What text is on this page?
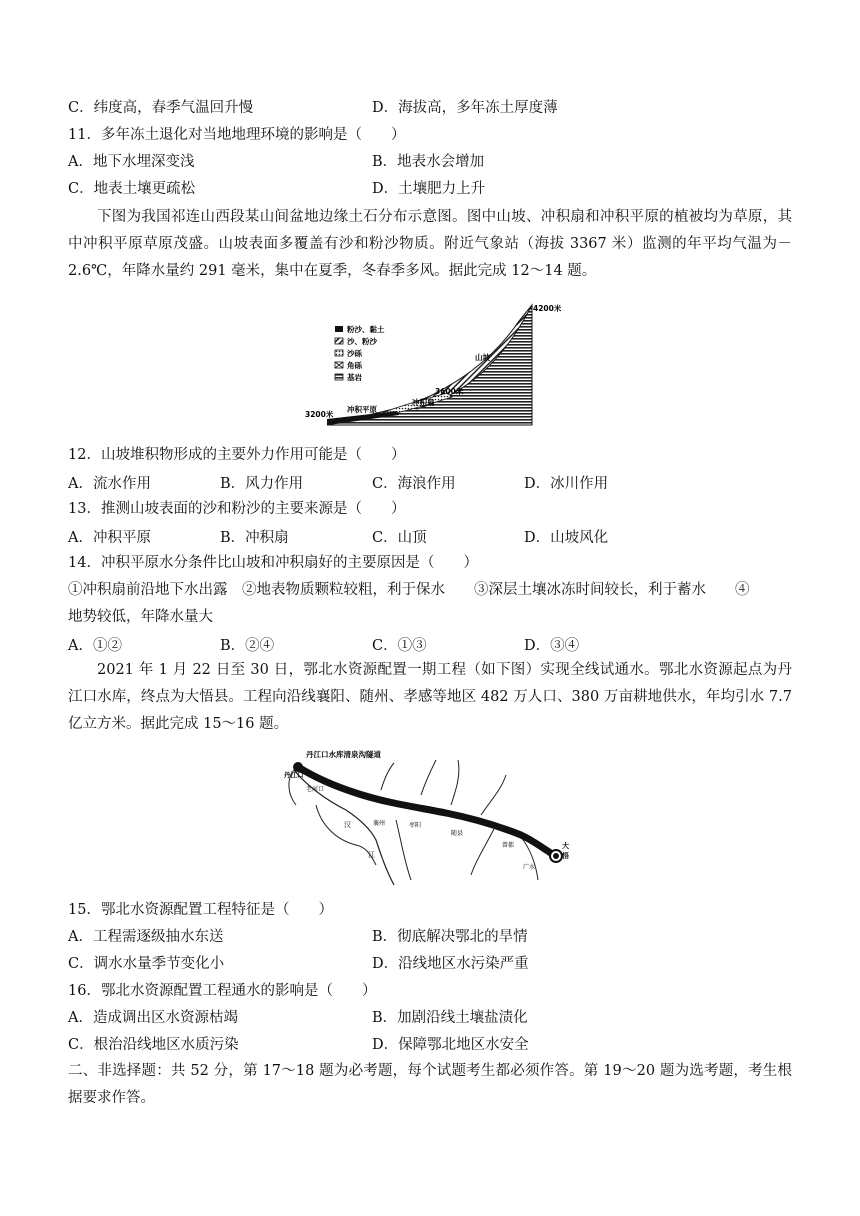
C．纬度高，春季气温回升慢	D．海拔高，多年冻土厚度薄
11．多年冻土退化对当地地理环境的影响是（　　）
A．地下水埋深变浅	B．地表水会增加
C．地表土壤更疏松	D．土壤肥力上升
下图为我国祁连山西段某山间盆地边缘土石分布示意图。图中山坡、冲积扇和冲积平原的植被均为草原，其中冲积平原草原茂盛。山坡表面多覆盖有沙和粉沙物质。附近气象站（海拔 3367 米）监测的年平均气温为－2.6℃，年降水量约 291 毫米，集中在夏季，冬春季多风。据此完成 12～14 题。
粉沙、黏土
沙、粉沙
沙砾
角砾
基岩
4200米
3600米
3200米
山坡
冲积扇
冲积平原
12．山坡堆积物形成的主要外力作用可能是（　　）
A．流水作用	B．风力作用	C．海浪作用	D．冰川作用
13．推测山坡表面的沙和粉沙的主要来源是（　　）
A．冲积平原	B．冲积扇	C．山顶	D．山坡风化
14．冲积平原水分条件比山坡和冲积扇好的主要原因是（　　）
①冲积扇前沿地下水出露　②地表物质颗粒较粗，利于保水　　③深层土壤冰冻时间较长，利于蓄水　　④
地势较低，年降水量大
A．①②	B．②④	C．①③	D．③④
2021 年 1 月 22 日至 30 日，鄂北水资源配置一期工程（如下图）实现全线试通水。鄂北水资源起点为丹江口水库，终点为大悟县。工程向沿线襄阳、随州、孝感等地区 482 万人口、380 万亩耕地供水，年均引水 7.7 亿立方米。据此完成 15～16 题。
丹江口水库清泉沟隧道
丹江口
老河口
汉
江
襄州	枣阳
随县
曾都
广水
大
悟
15．鄂北水资源配置工程特征是（　　）
A．工程需逐级抽水东送	B．彻底解决鄂北的旱情
C．调水水量季节变化小	D．沿线地区水污染严重
16．鄂北水资源配置工程通水的影响是（　　）
A．造成调出区水资源枯竭	B．加剧沿线土壤盐渍化
C．根治沿线地区水质污染	D．保障鄂北地区水安全
二、非选择题：共 52 分，第 17～18 题为必考题，每个试题考生都必须作答。第 19～20 题为选考题，考生根据要求作答。
